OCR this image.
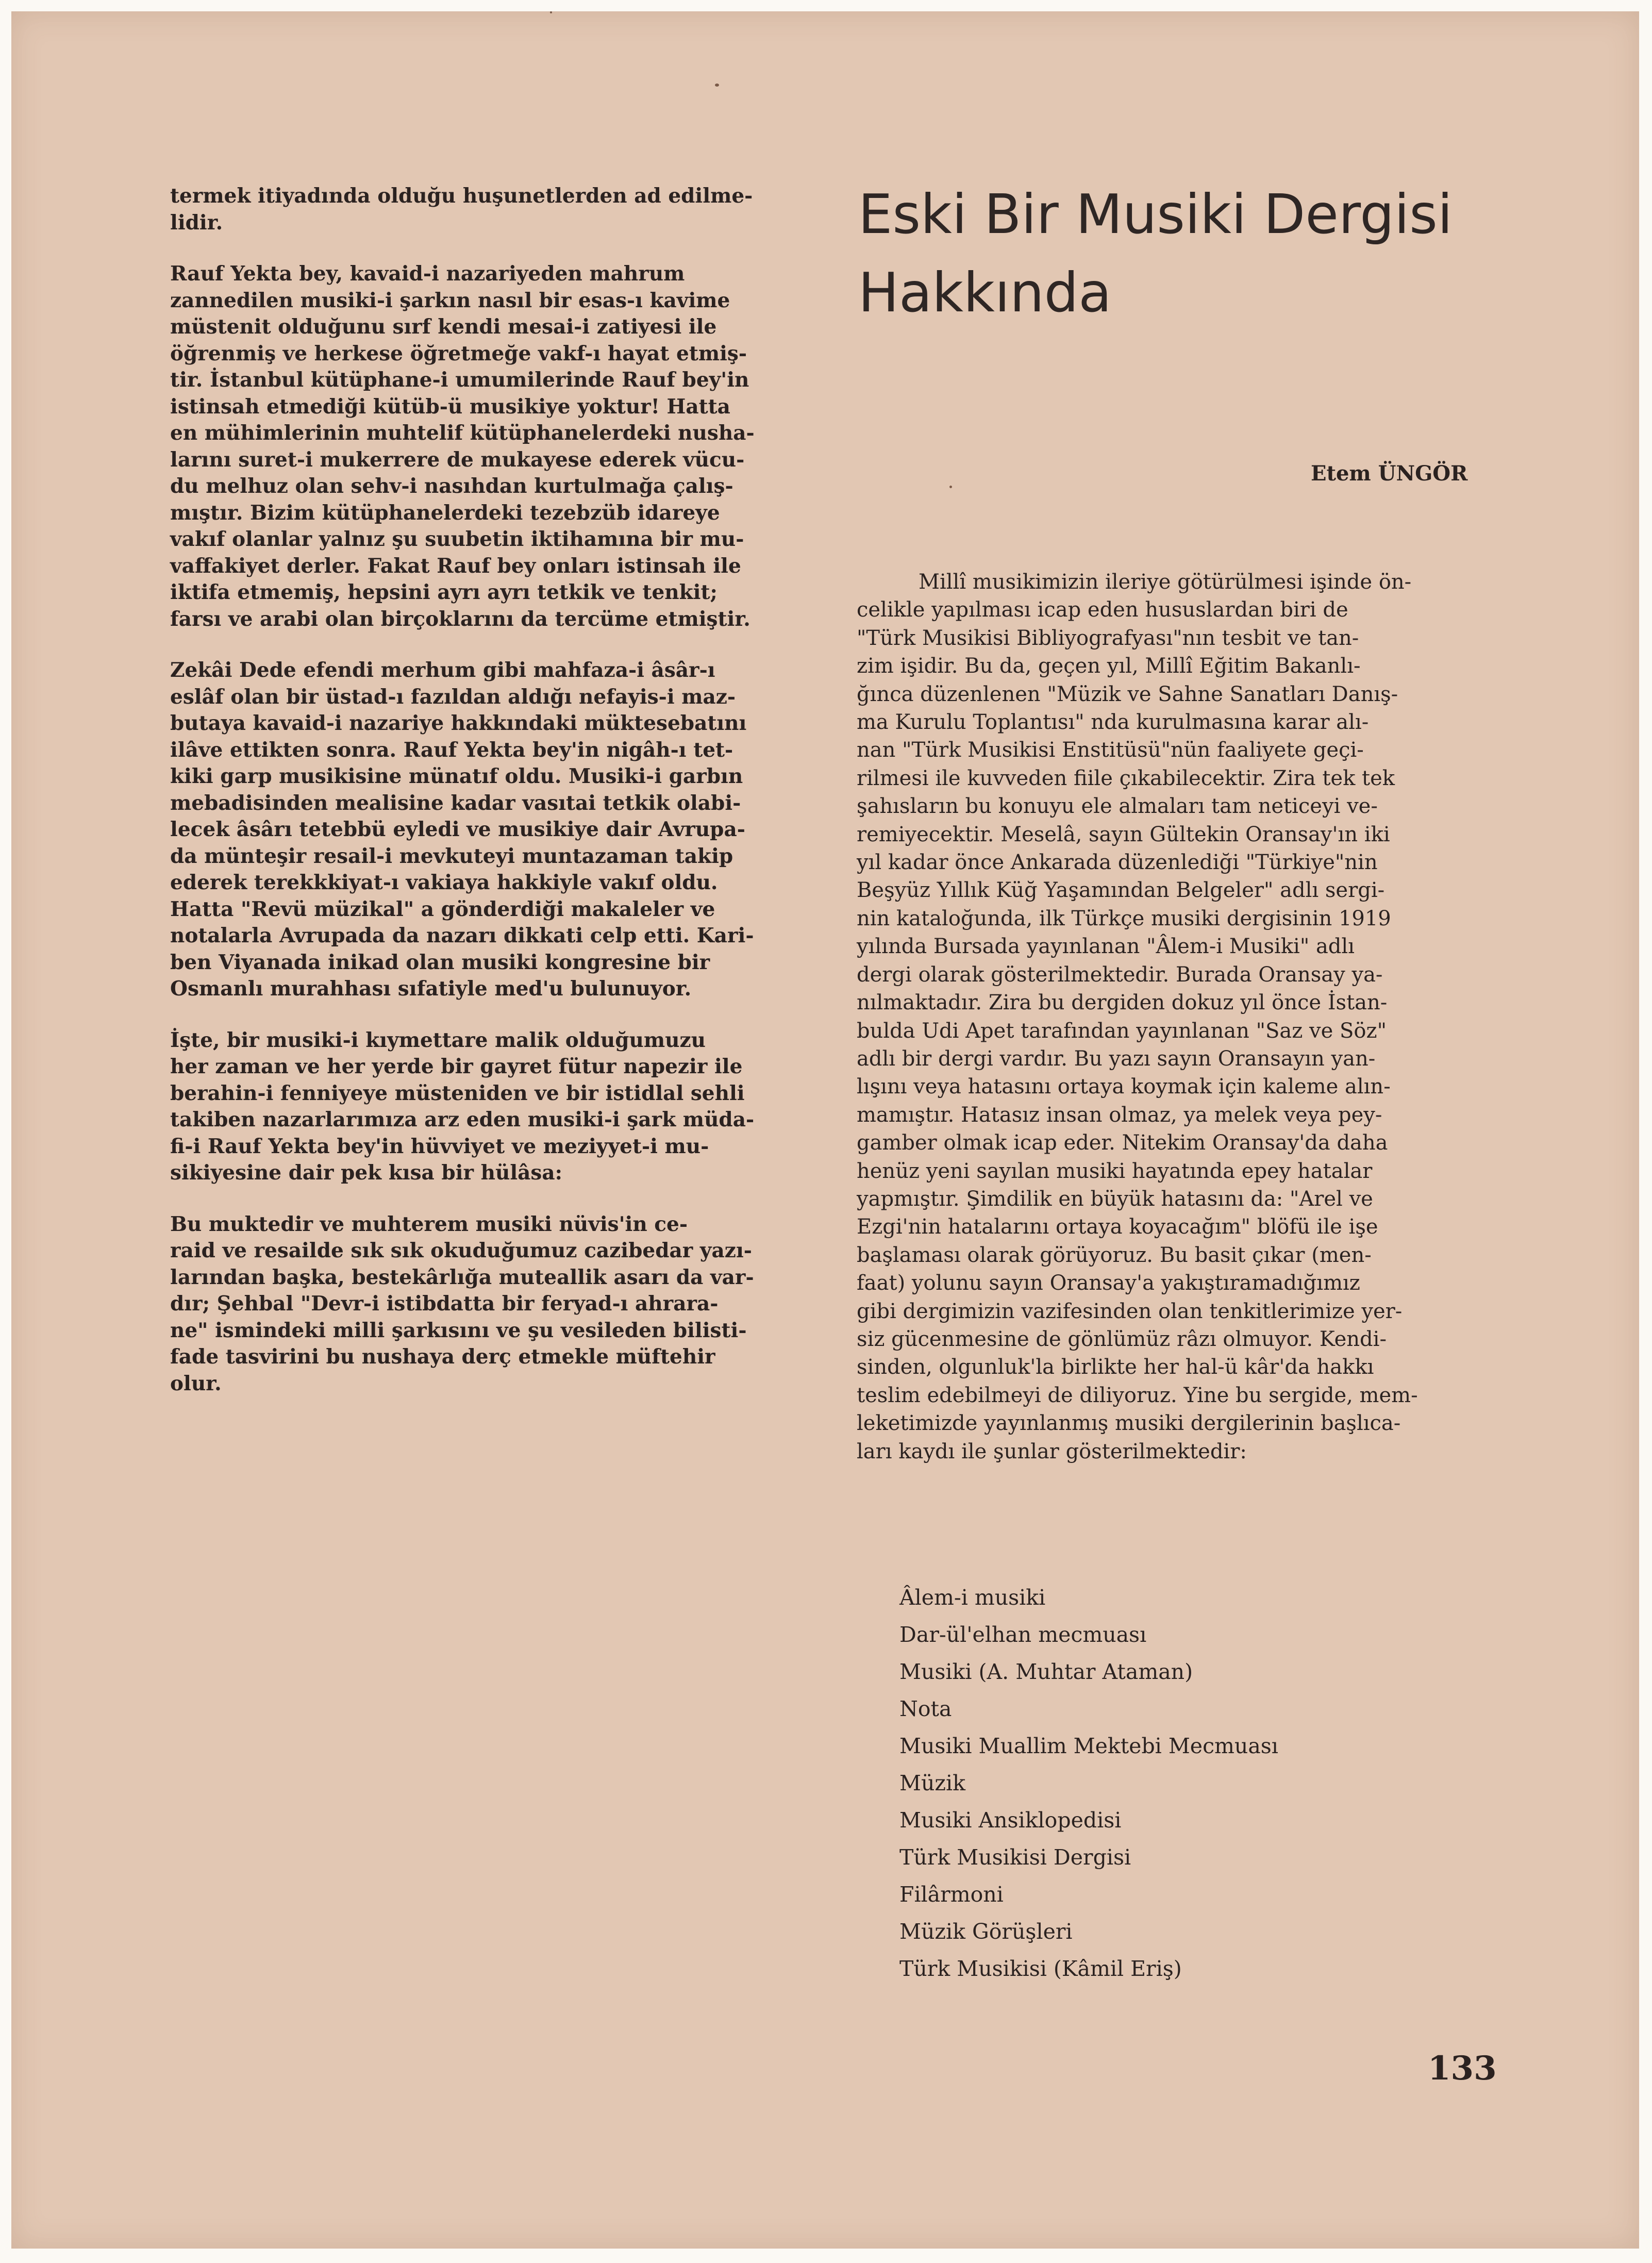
termek itiyadında olduğu huşunetlerden ad edilme-
lidir.

Rauf Yekta bey, kavaid-i nazariyeden mahrum
zannedilen musiki-i şarkın nasıl bir esas-ı kavime
müstenit olduğunu sırf kendi mesai-i zatiyesi ile
öğrenmiş ve herkese öğretmeğe vakf-ı hayat etmiş-
tir. İstanbul kütüphane-i umumilerinde Rauf bey'in
istinsah etmediği kütüb-ü musikiye yoktur! Hatta
en mühimlerinin muhtelif kütüphanelerdeki nusha-
larını suret-i mukerrere de mukayese ederek vücu-
du melhuz olan sehv-i nasıhdan kurtulmağa çalış-
mıştır. Bizim kütüphanelerdeki tezebzüb idareye
vakıf olanlar yalnız şu suubetin iktihamına bir mu-
vaffakiyet derler. Fakat Rauf bey onları istinsah ile
iktifa etmemiş, hepsini ayrı ayrı tetkik ve tenkit;
farsı ve arabi olan birçoklarını da tercüme etmiştir.

Zekâi Dede efendi merhum gibi mahfaza-i âsâr-ı
eslâf olan bir üstad-ı fazıldan aldığı nefayis-i maz-
butaya kavaid-i nazariye hakkındaki müktesebatını
ilâve ettikten sonra. Rauf Yekta bey'in nigâh-ı tet-
kiki garp musikisine münatıf oldu. Musiki-i garbın
mebadisinden mealisine kadar vasıtai tetkik olabi-
lecek âsârı tetebbü eyledi ve musikiye dair Avrupa-
da münteşir resail-i mevkuteyi muntazaman takip
ederek terekkkiyat-ı vakiaya hakkiyle vakıf oldu.
Hatta "Revü müzikal" a gönderdiği makaleler ve
notalarla Avrupada da nazarı dikkati celp etti. Kari-
ben Viyanada inikad olan musiki kongresine bir
Osmanlı murahhası sıfatiyle med'u bulunuyor.

İşte, bir musiki-i kıymettare malik olduğumuzu
her zaman ve her yerde bir gayret fütur napezir ile
berahin-i fenniyeye müsteniden ve bir istidlal sehli
takiben nazarlarımıza arz eden musiki-i şark müda-
fi-i Rauf Yekta bey'in hüvviyet ve meziyyet-i mu-
sikiyesine dair pek kısa bir hülâsa:

Bu muktedir ve muhterem musiki nüvis'in ce-
raid ve resailde sık sık okuduğumuz cazibedar yazı-
larından başka, bestekârlığa muteallik asarı da var-
dır; Şehbal "Devr-i istibdatta bir feryad-ı ahrara-
ne" ismindeki milli şarkısını ve şu vesileden bilisti-
fade tasvirini bu nushaya derç etmekle müftehir
olur.

Eski Bir Musiki Dergisi
Hakkında
Etem ÜNGÖR
Millî musikimizin ileriye götürülmesi işinde ön-
celikle yapılması icap eden hususlardan biri de
"Türk Musikisi Bibliyografyası"nın tesbit ve tan-
zim işidir. Bu da, geçen yıl, Millî Eğitim Bakanlı-
ğınca düzenlenen "Müzik ve Sahne Sanatları Danış-
ma Kurulu Toplantısı" nda kurulmasına karar alı-
nan "Türk Musikisi Enstitüsü"nün faaliyete geçi-
rilmesi ile kuvveden fiile çıkabilecektir. Zira tek tek
şahısların bu konuyu ele almaları tam neticeyi ve-
remiyecektir. Meselâ, sayın Gültekin Oransay'ın iki
yıl kadar önce Ankarada düzenlediği "Türkiye"nin
Beşyüz Yıllık Küğ Yaşamından Belgeler" adlı sergi-
nin kataloğunda, ilk Türkçe musiki dergisinin 1919
yılında Bursada yayınlanan "Âlem-i Musiki" adlı
dergi olarak gösterilmektedir. Burada Oransay ya-
nılmaktadır. Zira bu dergiden dokuz yıl önce İstan-
bulda Udi Apet tarafından yayınlanan "Saz ve Söz"
adlı bir dergi vardır. Bu yazı sayın Oransayın yan-
lışını veya hatasını ortaya koymak için kaleme alın-
mamıştır. Hatasız insan olmaz, ya melek veya pey-
gamber olmak icap eder. Nitekim Oransay'da daha
henüz yeni sayılan musiki hayatında epey hatalar
yapmıştır. Şimdilik en büyük hatasını da: "Arel ve
Ezgi'nin hatalarını ortaya koyacağım" blöfü ile işe
başlaması olarak görüyoruz. Bu basit çıkar (men-
faat) yolunu sayın Oransay'a yakıştıramadığımız
gibi dergimizin vazifesinden olan tenkitlerimize yer-
siz gücenmesine de gönlümüz râzı olmuyor. Kendi-
sinden, olgunluk'la birlikte her hal-ü kâr'da hakkı
teslim edebilmeyi de diliyoruz. Yine bu sergide, mem-
leketimizde yayınlanmış musiki dergilerinin başlıca-
ları kaydı ile şunlar gösterilmektedir:
Âlem-i musiki
Dar-ül'elhan mecmuası
Musiki (A. Muhtar Ataman)
Nota
Musiki Muallim Mektebi Mecmuası
Müzik
Musiki Ansiklopedisi
Türk Musikisi Dergisi
Filârmoni
Müzik Görüşleri
Türk Musikisi (Kâmil Eriş)
133
